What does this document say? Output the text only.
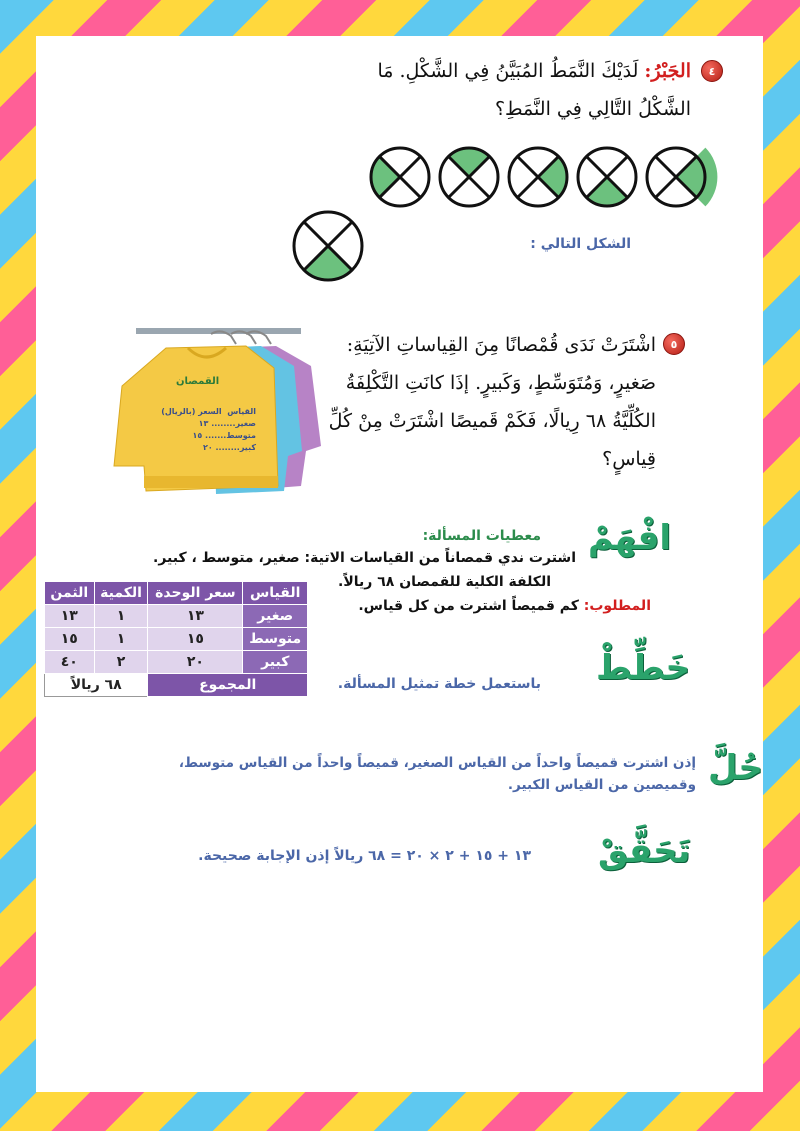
٤
الجَبْرُ: لَدَيْكَ النَّمَطُ المُبَيَّنُ فِي الشَّكْلِ. مَا
الشَّكْلُ التَّالِي فِي النَّمَطِ؟
الشكل التالي :
القمصان
القياس  السعر (بالريال)
صغير........ ١٣
متوسط....... ١٥
كبير........ ٢٠
٥
اشْتَرَتْ نَدَى قُمْصانًا مِنَ القِياساتِ الآتِيَةِ:
صَغيرٍ، وَمُتَوَسِّطٍ، وَكَبيرٍ. إذَا كانَتِ التَّكْلِفَةُ
الكُلِّيَّةُ ٦٨ رِيالًا، فَكَمْ قَميصًا اشْتَرَتْ مِنْ كُلِّ
قِياسٍ؟
افْهَمْ
معطيات المسألة:
اشترت ندي قمصاناً من القياسات الاتية: صغير، متوسط ، كبير.
الكلفة الكلية للقمصان ٦٨ ريالاً.
المطلوب: كم قميصاً اشترت من كل قياس.
القياس	سعر الوحدة	الكمية	الثمن
صغير	١٣	١	١٣
متوسط	١٥	١	١٥
كبير	٢٠	٢	٤٠
المجموع		٦٨ ريالاً		خَطِّطْ
باستعمل خطة تمثيل المسألة.
حُلَّ
إذن اشترت قميصاً واحداً من القياس الصغير، قميصاً واحداً من القياس متوسط،
وقميصين من القياس الكبير.
تَحَقَّقْ
١٣ + ١٥ + ٢ × ٢٠ = ٦٨ ريالاً إذن الإجابة صحيحة.
